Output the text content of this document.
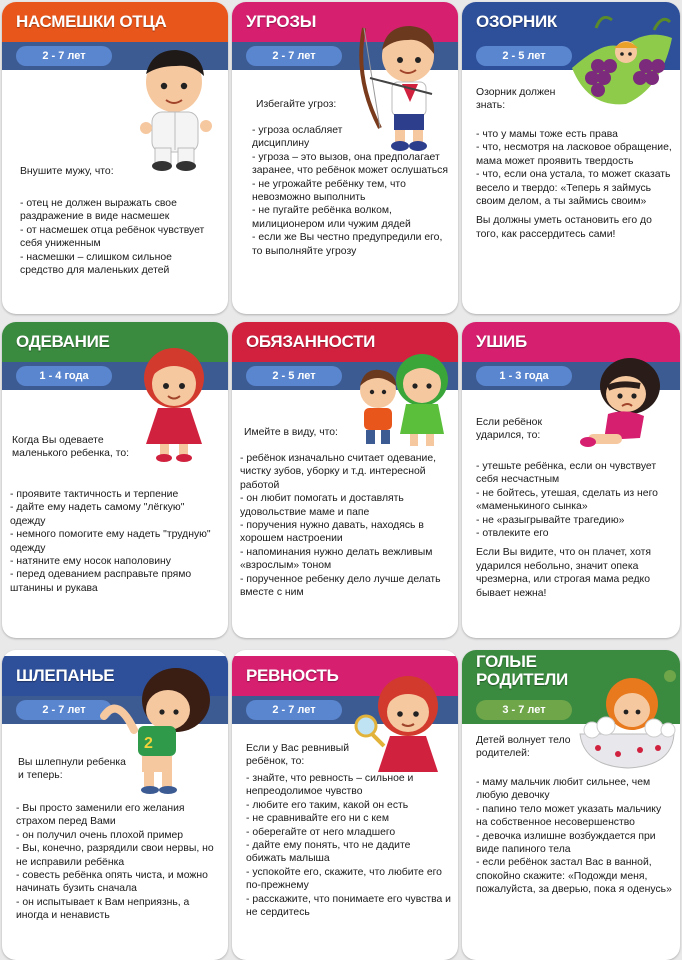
НАСМЕШКИ ОТЦА
2 - 7 лет
Внушите мужу, что:
- отец не должен выражать свое раздражение в виде насмешек
- от насмешек отца ребёнок чувствует себя униженным
- насмешки – слишком сильное средство для маленьких детей
УГРОЗЫ
2 - 7 лет
Избегайте угроз:
- угроза ослабляет дисциплину
- угроза – это вызов, она предполагает заранее, что ребёнок может ослушаться
- не угрожайте ребёнку тем, что невозможно выполнить
- не пугайте ребёнка волком, милиционером или чужим дядей
- если же Вы честно предупредили его, то выполняйте угрозу
ОЗОРНИК
2 - 5 лет
Озорник должен знать:
- что у мамы тоже есть права
- что, несмотря на ласковое обращение, мама может проявить твердость
- что, если она устала, то может сказать весело и твердо: «Теперь я займусь своим делом, а ты займись своим»

Вы должны уметь остановить его до того, как рассердитесь сами!

ОДЕВАНИЕ
1 - 4 года
Когда Вы одеваете маленького ребенка, то:
- проявите тактичность и терпение
- дайте ему надеть самому "лёгкую" одежду
- немного помогите ему надеть "трудную" одежду
- натяните ему носок наполовину
- перед одеванием расправьте прямо штанины и рукава
ОБЯЗАННОСТИ
2 - 5 лет
Имейте в виду, что:
- ребёнок изначально считает одевание, чистку зубов, уборку и т.д. интересной работой
- он любит помогать и доставлять удовольствие маме и папе
- поручения нужно давать, находясь в хорошем настроении
- напоминания нужно делать вежливым «взрослым» тоном
- порученное ребенку дело лучше делать вместе с ним
УШИБ
1 - 3 года
Если ребёнок ударился, то:
- утешьте ребёнка, если он чувствует себя несчастным
- не бойтесь, утешая, сделать из него «маменькиного сынка»
- не «разыгрывайте трагедию»
- отвлеките его

Если Вы видите, что он плачет, хотя ударился небольно, значит опека чрезмерна, или строгая мама редко бывает нежна!

ШЛЕПАНЬЕ
2 - 7 лет
2
Вы шлепнули ребенка и теперь:
- Вы просто заменили его желания страхом перед Вами
- он получил очень плохой пример
- Вы, конечно, разрядили свои нервы, но не исправили ребёнка
- совесть ребёнка опять чиста, и можно начинать бузить сначала
- он испытывает к Вам неприязнь, а иногда и ненависть
РЕВНОСТЬ
2 - 7 лет
Если у Вас ревнивый ребёнок, то:
- знайте, что ревность – сильное и непреодолимое чувство
- любите его таким, какой он есть
- не сравнивайте его ни с кем
- оберегайте от него младшего
- дайте ему понять, что не дадите обижать малыша
- успокойте его, скажите, что любите его по-прежнему
- расскажите, что понимаете его чувства и не сердитесь
ГОЛЫЕ
РОДИТЕЛИ
3 - 7 лет
Детей волнует тело родителей:
- маму мальчик любит сильнее, чем любую девочку
- папино тело может указать мальчику на собственное несовершенство
- девочка излишне возбуждается при виде папиного тела
- если ребёнок застал Вас в ванной, спокойно скажите: «Подожди меня, пожалуйста, за дверью, пока я оденусь»
